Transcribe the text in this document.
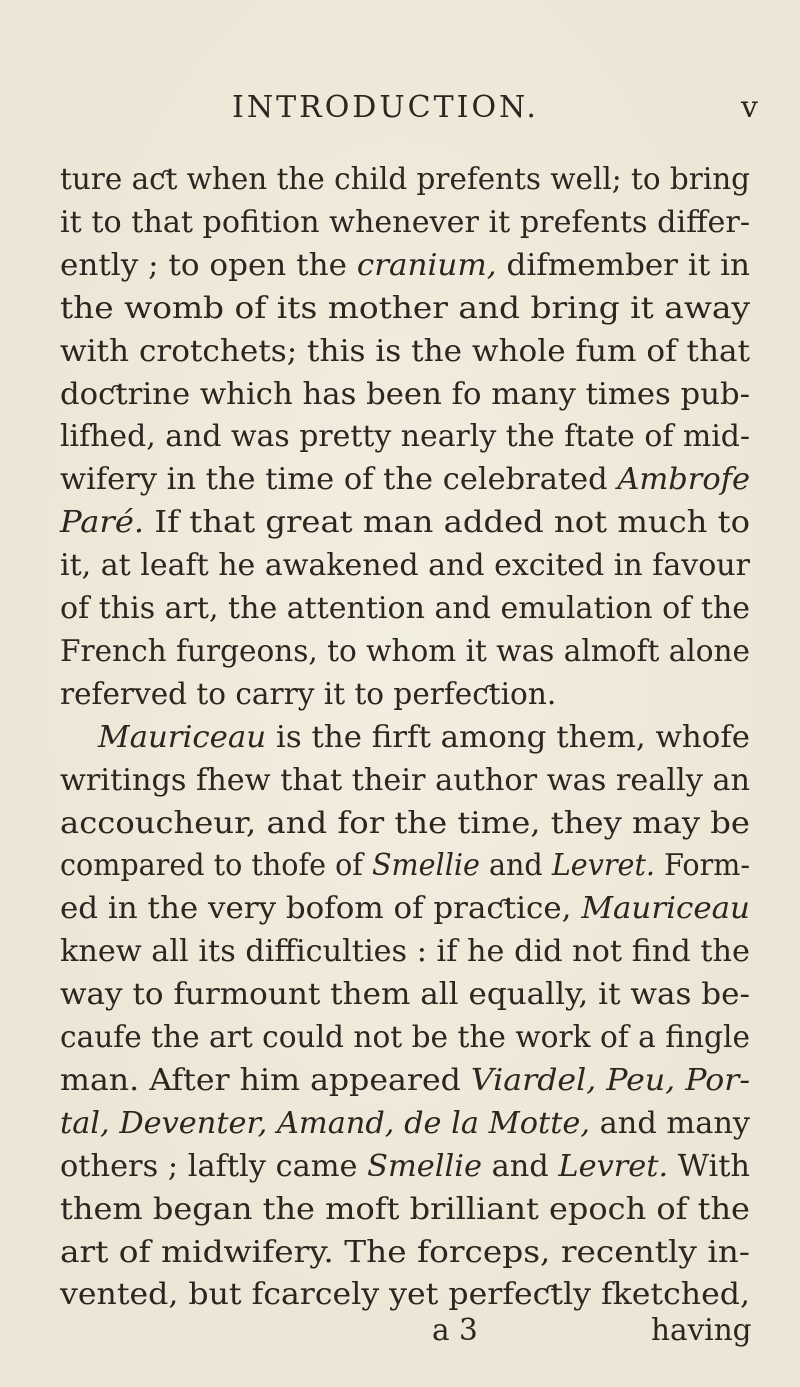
INTRODUCTION.	v
ture aƈt when the child prefents well; to bring
it to that pofition whenever it prefents differ-
ently ; to open the cranium, difmember it in
the womb of its mother and bring it away
with crotchets; this is the whole fum of that
doƈtrine which has been fo many times pub-
lifhed, and was pretty nearly the ftate of mid-
wifery in the time of the celebrated Ambrofe
Paré. If that great man added not much to
it, at leaft he awakened and excited in favour
of this art, the attention and emulation of the
French furgeons, to whom it was almoft alone
referved to carry it to perfeƈtion.
Mauriceau is the firft among them, whofe
writings fhew that their author was really an
accoucheur, and for the time, they may be
compared to thofe of Smellie and Levret. Form-
ed in the very bofom of praƈtice, Mauriceau
knew all its difficulties : if he did not find the
way to furmount them all equally, it was be-
caufe the art could not be the work of a fingle
man. After him appeared Viardel, Peu, Por-
tal, Deventer, Amand, de la Motte, and many
others ; laftly came Smellie and Levret. With
them began the moft brilliant epoch of the
art of midwifery. The forceps, recently in-
vented, but fcarcely yet perfeƈtly fketched,
a 3	having
